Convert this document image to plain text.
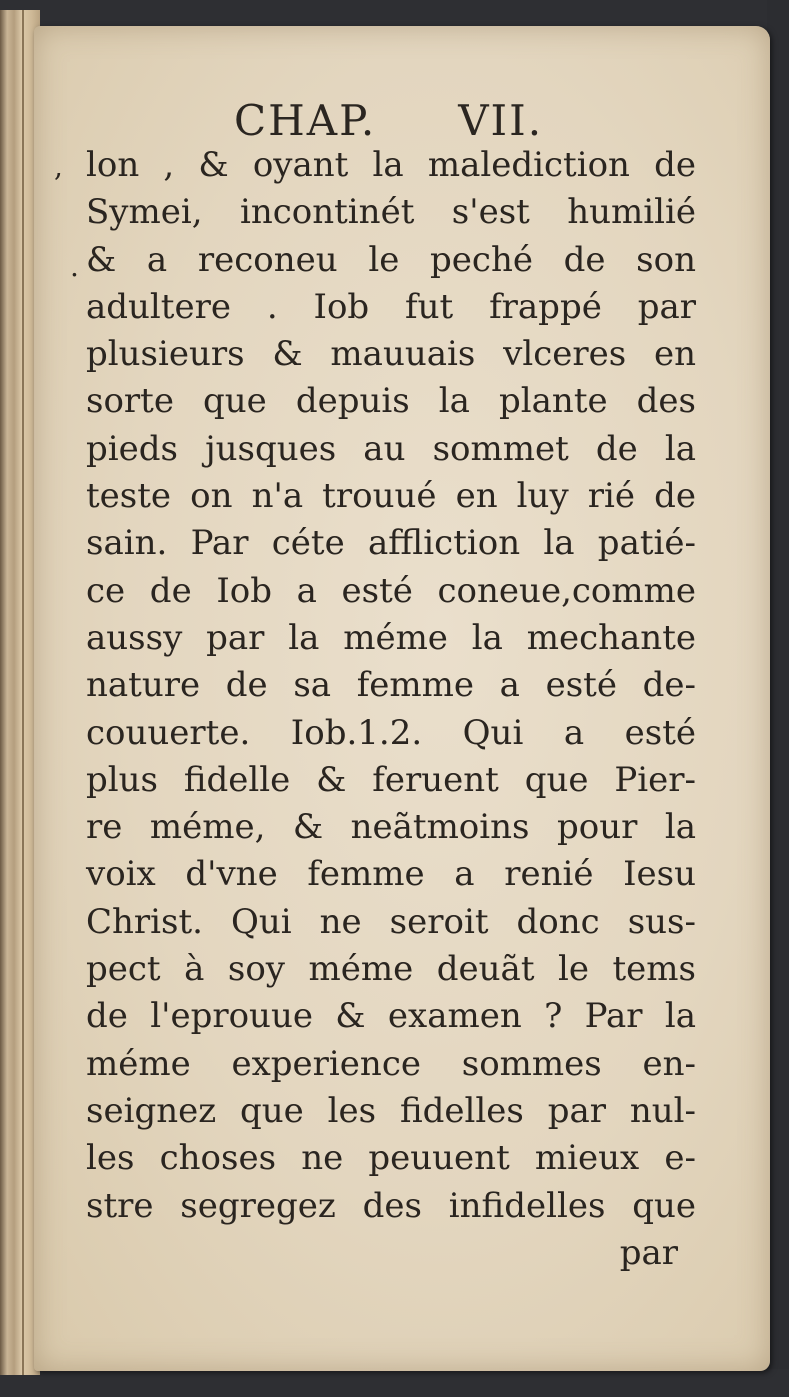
CHAP. VII.
,
.
lon , & oyant la malediction de
Symei, incontinét s'est humilié
& a reconeu le peché de son
adultere . Iob fut frappé par
plusieurs & mauuais vlceres en
sorte que depuis la plante des
pieds jusques au sommet de la
teste on n'a trouué en luy rié de
sain. Par céte affliction la patié-
ce de Iob a esté coneue,comme
aussy par la méme la mechante
nature de sa femme a esté de-
couuerte. Iob.1.2. Qui a esté
plus fidelle & feruent que Pier-
re méme, & neãtmoins pour la
voix d'vne femme a renié Iesu
Christ. Qui ne seroit donc sus-
pect à soy méme deuãt le tems
de l'eprouue & examen ? Par la
méme experience sommes en-
seignez que les fidelles par nul-
les choses ne peuuent mieux e-
stre segregez des infidelles que
par
